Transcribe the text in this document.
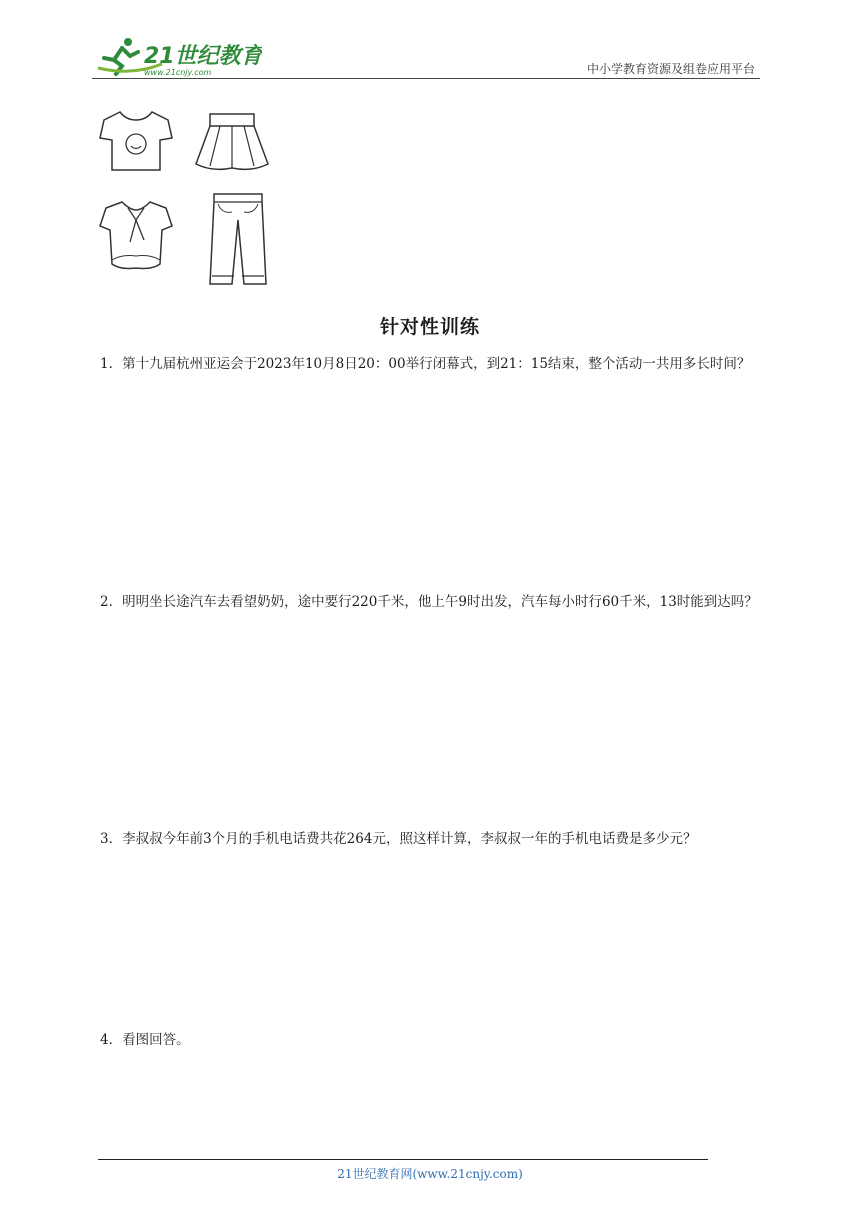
21世纪教育
www.21cnjy.com	中小学教育资源及组卷应用平台
针对性训练
1．第十九届杭州亚运会于2023年10月8日20：00举行闭幕式，到21：15结束，整个活动一共用多长时间？
2．明明坐长途汽车去看望奶奶，途中要行220千米，他上午9时出发，汽车每小时行60千米，13时能到达吗？
3．李叔叔今年前3个月的手机电话费共花264元，照这样计算，李叔叔一年的手机电话费是多少元？
4．看图回答。
21世纪教育网(www.21cnjy.com)
